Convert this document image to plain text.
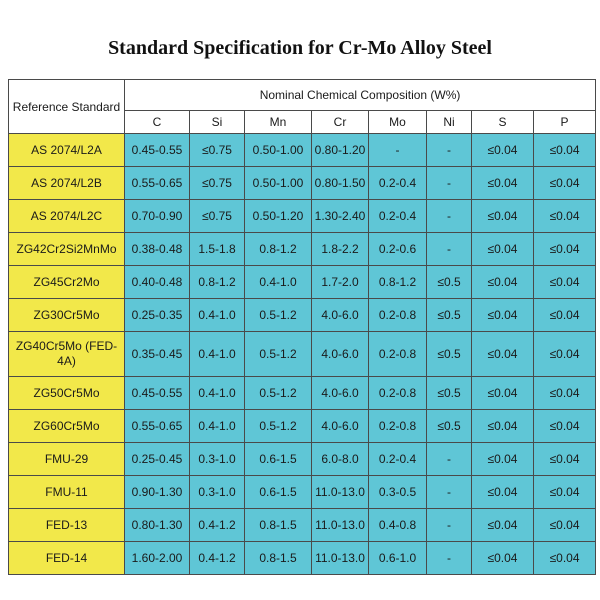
Standard Specification for Cr-Mo Alloy Steel
Reference Standard	Nominal Chemical Composition (W%)							
	C	Si	Mn	Cr	Mo	Ni	S	P
AS 2074/L2A	0.45-0.55	≤0.75	0.50-1.00	0.80-1.20	-	-	≤0.04	≤0.04
AS 2074/L2B	0.55-0.65	≤0.75	0.50-1.00	0.80-1.50	0.2-0.4	-	≤0.04	≤0.04
AS 2074/L2C	0.70-0.90	≤0.75	0.50-1.20	1.30-2.40	0.2-0.4	-	≤0.04	≤0.04
ZG42Cr2Si2MnMo	0.38-0.48	1.5-1.8	0.8-1.2	1.8-2.2	0.2-0.6	-	≤0.04	≤0.04
ZG45Cr2Mo	0.40-0.48	0.8-1.2	0.4-1.0	1.7-2.0	0.8-1.2	≤0.5	≤0.04	≤0.04
ZG30Cr5Mo	0.25-0.35	0.4-1.0	0.5-1.2	4.0-6.0	0.2-0.8	≤0.5	≤0.04	≤0.04
ZG40Cr5Mo (FED-4A)	0.35-0.45	0.4-1.0	0.5-1.2	4.0-6.0	0.2-0.8	≤0.5	≤0.04	≤0.04
ZG50Cr5Mo	0.45-0.55	0.4-1.0	0.5-1.2	4.0-6.0	0.2-0.8	≤0.5	≤0.04	≤0.04
ZG60Cr5Mo	0.55-0.65	0.4-1.0	0.5-1.2	4.0-6.0	0.2-0.8	≤0.5	≤0.04	≤0.04
FMU-29	0.25-0.45	0.3-1.0	0.6-1.5	6.0-8.0	0.2-0.4	-	≤0.04	≤0.04
FMU-11	0.90-1.30	0.3-1.0	0.6-1.5	11.0-13.0	0.3-0.5	-	≤0.04	≤0.04
FED-13	0.80-1.30	0.4-1.2	0.8-1.5	11.0-13.0	0.4-0.8	-	≤0.04	≤0.04
FED-14	1.60-2.00	0.4-1.2	0.8-1.5	11.0-13.0	0.6-1.0	-	≤0.04	≤0.04
